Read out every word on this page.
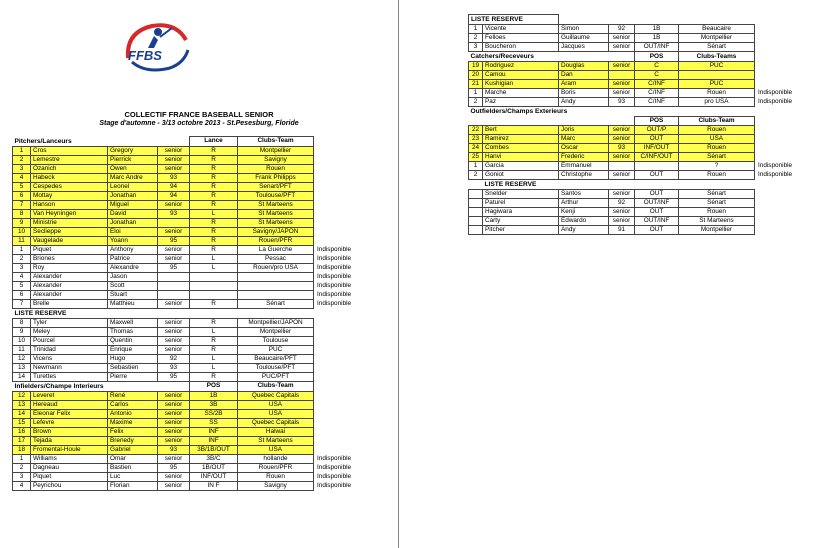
FFBS
COLLECTIF FRANCE BASEBALL SENIOR
Stage d'automne - 3/13 octobre 2013 - St.Pesesburg, Floride
Pitchers/Lanceurs				Lance	Clubs-Team	
1	Cros	Gregory	senior	R	Montpellier	
2	Lemestre	Pierrick	senior	R	Savigny	
3	Ozanich	Owen	senior	R	Rouen	
4	Habeck	Marc Andre	93	R	Frank Philipps	
5	Cespedes	Leonel	94	R	Senart/PFT	
6	Mottay	Jonathan	94	R	Toulouse/PFT	
7	Hanson	Miguel	senior	R	St Marteens	
8	Van Heyningen	David	93	L	St Marteens	
9	Ministrie	Jonathan		R	St Marteens	
10	Seclieppe	Eloi	senior	R	Savigny/JAPON	
11	Vaugelade	Yoann	95	R	Rouen/PFR	
1	Piquet	Anthony	senior	R	La Guerche	Indisponible
2	Briones	Patrice	senior	L	Pessac	Indisponible
3	Roy	Alexandre	95	L	Rouen/pro USA	Indisponible
4	Alexander	Jason				Indisponible
5	Alexander	Scott				Indisponible
6	Alexander	Stuart				Indisponible
7	Brelle	Matthieu	senior	R	Sénart	Indisponible
LISTE RESERVE						
8	Tyler	Maxwell	senior	R	Montpellier/JAPON	
9	Meley	Thomas	senior	L	Montpellier	
10	Pourcel	Quentin	senior	R	Toulouse	
11	Trinidad	Enrique	senior	R	PUC	
12	Vicens	Hugo	92	L	Beaucaire/PFT	
13	Newmann	Sebastien	93	L	Toulouse/PFT	
14	Turettes	Pierre	95	R	PUC/PFT	
Infielders/Champe Interieurs				POS	Clubs-Team	
12	Leveret	René	senior	1B	Quebec Capitals	
13	Hereaud	Carlos	senior	3B	USA	
14	Eleonar Felix	Antonio	senior	SS/2B	USA	
15	Lefevre	Maxime	senior	SS	Quebec Capitals	
16	Brown	Felix	senior	INF	Halwai	
17	Tejada	Brenedy	senior	INF	St Marteens	
18	Fromental-Houle	Gabriel	93	3B/1B/OUT	USA	
1	Williams	Omar	senior	3B/C	hollande	Indisponible
2	Dagneau	Bastien	95	1B/OUT	Rouen/PFR	Indisponible
3	Piquet	Luc	senior	INF/OUT	Rouen	Indisponible
4	Peyrichou	Florian	senior	IN F	Savigny	Indisponible
LISTE RESERVE						
1	Vicente	Simon	92	1B	Beaucaire	
2	Felloes	Guillaume	senior	1B	Montpellier	
3	Boucheron	Jacques	senior	OUT/INF	Sénart	
Catchers/Receveurs				POS	Clubs-Teams	
19	Rodriguez	Douglas	senior	C	PUC	
20	Camou	Dan		C		
21	Kushigian	Aram	senior	C/INF	PUC	
1	Marche	Boris	senior	C/INF	Rouen	Indisponible
2	Paz	Andy	93	C/INF	pro USA	Indisponible
Outfielders/Champs Exterieurs						
				POS	Clubs-Team	
22	Bert	Joris	senior	OUT/P	Rouen	
23	Ramirez	Marc	senior	OUT	USA	
24	Combes	Oscar	93	INF/OUT	Rouen	
25	Hanvi	Frederic	senior	C/INF/OUT	Sénart	
1	Garcia	Emmanuel			?	Indisponible
2	Goniot	Christophe	senior	OUT	Rouen	Indisponible
	LISTE RESERVE					
	Snelder	Santos	senior	OUT	Sénart	
	Paturel	Arthur	92	OUT/INF	Sénart	
	Hagiwara	Kenji	senior	OUT	Rouen	
	Carty	Edwardo	senior	OUT/INF	St Marteens	
	Pitcher	Andy	91	OUT	Montpellier	
